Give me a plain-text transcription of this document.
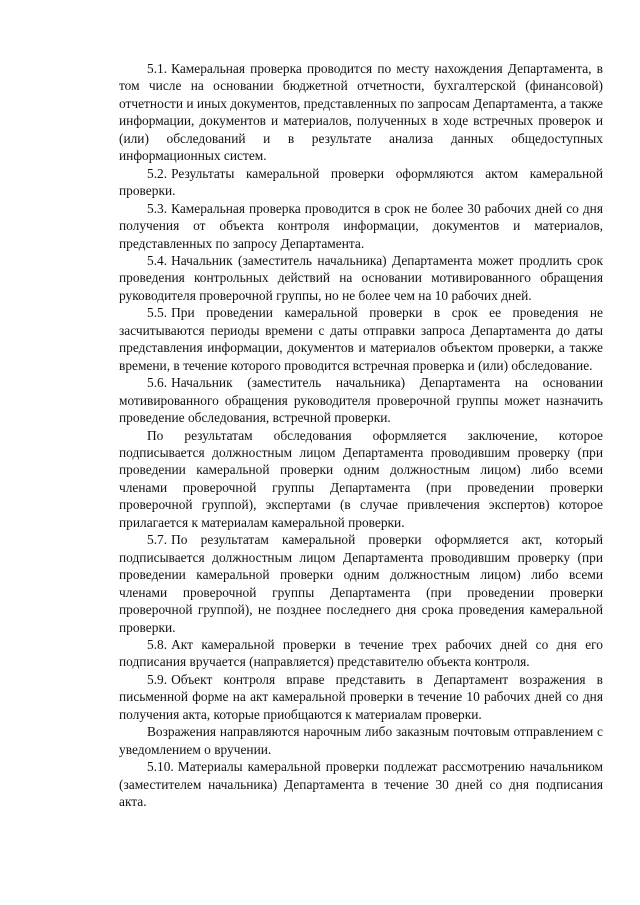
5.1. Камеральная проверка проводится по месту нахождения Департамента, в том числе на основании бюджетной отчетности, бухгалтерской (финансовой) отчетности и иных документов, представленных по запросам Департамента, а также информации, документов и материалов, полученных в ходе встречных проверок и (или) обследований и в результате анализа данных общедоступных информационных систем.

5.2. Результаты камеральной проверки оформляются актом камеральной проверки.

5.3. Камеральная проверка проводится в срок не более 30 рабочих дней со дня получения от объекта контроля информации, документов и материалов, представленных по запросу Департамента.

5.4. Начальник (заместитель начальника) Департамента может продлить срок проведения контрольных действий на основании мотивированного обращения руководителя проверочной группы, но не более чем на 10 рабочих дней.

5.5. При проведении камеральной проверки в срок ее проведения не засчитываются периоды времени с даты отправки запроса Департамента до даты представления информации, документов и материалов объектом проверки, а также времени, в течение которого проводится встречная проверка и (или) обследование.

5.6. Начальник (заместитель начальника) Департамента на основании мотивированного обращения руководителя проверочной группы может назначить проведение обследования, встречной проверки.

По результатам обследования оформляется заключение, которое подписывается должностным лицом Департамента проводившим проверку (при проведении камеральной проверки одним должностным лицом) либо всеми членами проверочной группы Департамента (при проведении проверки проверочной группой), экспертами (в случае привлечения экспертов) которое прилагается к материалам камеральной проверки.

5.7. По результатам камеральной проверки оформляется акт, который подписывается должностным лицом Департамента проводившим проверку (при проведении камеральной проверки одним должностным лицом) либо всеми членами проверочной группы Департамента (при проведении проверки проверочной группой), не позднее последнего дня срока проведения камеральной проверки.

5.8. Акт камеральной проверки в течение трех рабочих дней со дня его подписания вручается (направляется) представителю объекта контроля.

5.9. Объект контроля вправе представить в Департамент возражения в письменной форме на акт камеральной проверки в течение 10 рабочих дней со дня получения акта, которые приобщаются к материалам проверки.

Возражения направляются нарочным либо заказным почтовым отправлением с уведомлением о вручении.

5.10. Материалы камеральной проверки подлежат рассмотрению начальником (заместителем начальника) Департамента в течение 30 дней со дня подписания акта.
